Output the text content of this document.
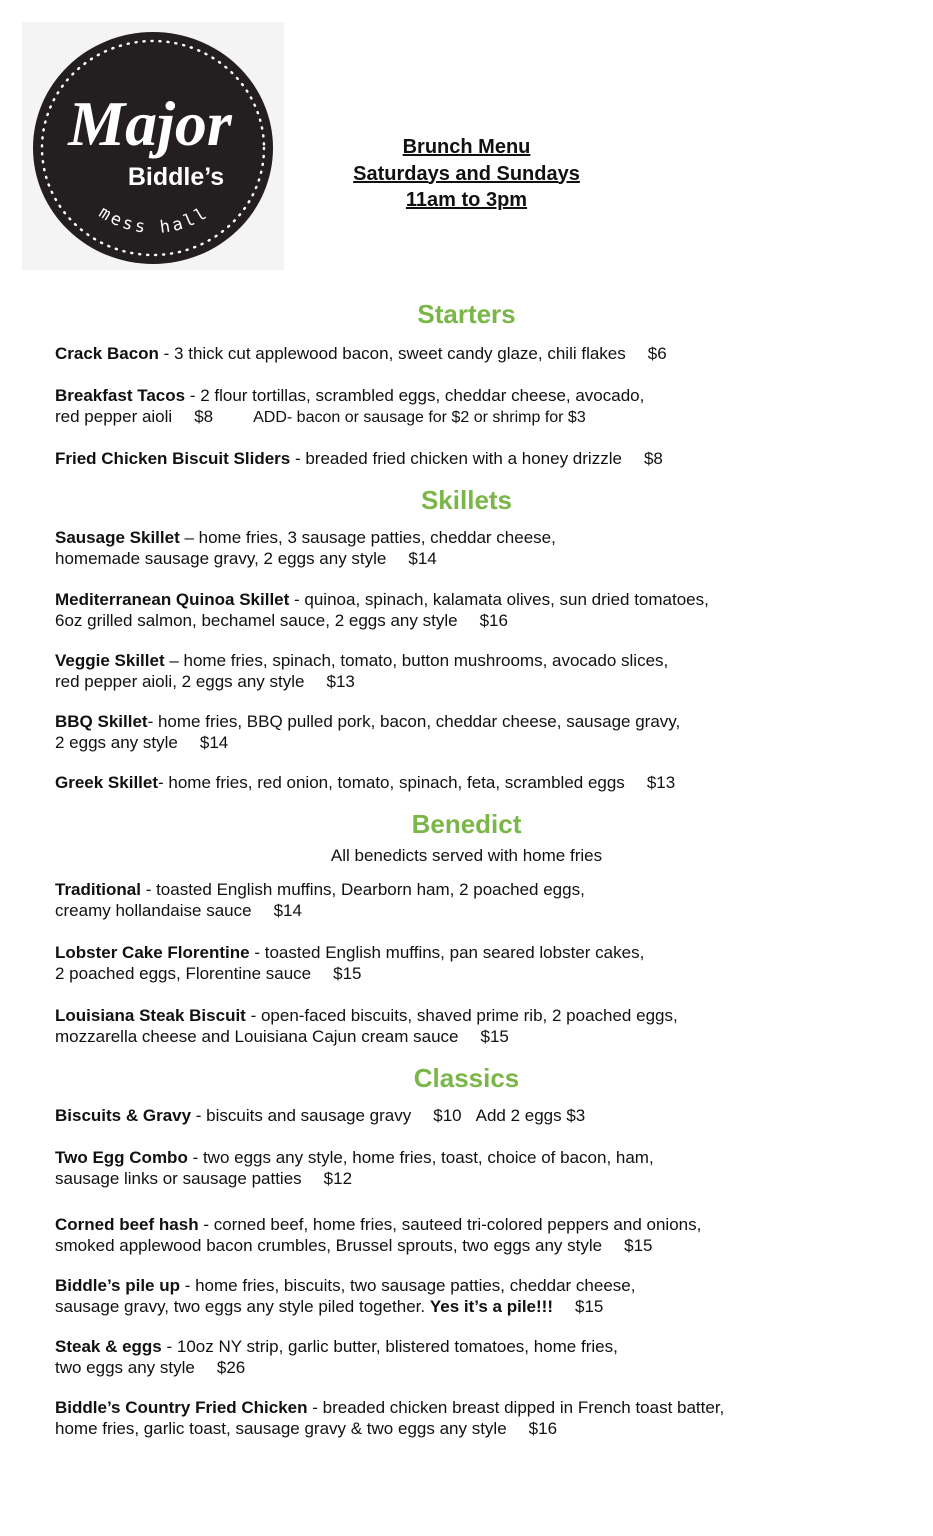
Major
Biddle’s
mess hall
Brunch Menu
Saturdays and Sundays
11am to 3pm
Starters
Crack Bacon - 3 thick cut applewood bacon, sweet candy glaze, chili flakes $6
Breakfast Tacos - 2 flour tortillas, scrambled eggs, cheddar cheese, avocado,
red pepper aioli $8	ADD- bacon or sausage for $2 or shrimp for $3
Fried Chicken Biscuit Sliders - breaded fried chicken with a honey drizzle $8
Skillets
Sausage Skillet – home fries, 3 sausage patties, cheddar cheese,
homemade sausage gravy, 2 eggs any style $14
Mediterranean Quinoa Skillet - quinoa, spinach, kalamata olives, sun dried tomatoes,
6oz grilled salmon, bechamel sauce, 2 eggs any style $16
Veggie Skillet – home fries, spinach, tomato, button mushrooms, avocado slices,
red pepper aioli, 2 eggs any style $13
BBQ Skillet- home fries, BBQ pulled pork, bacon, cheddar cheese, sausage gravy,
2 eggs any style $14
Greek Skillet- home fries, red onion, tomato, spinach, feta, scrambled eggs $13
Benedict
All benedicts served with home fries
Traditional - toasted English muffins, Dearborn ham, 2 poached eggs,
creamy hollandaise sauce $14
Lobster Cake Florentine - toasted English muffins, pan seared lobster cakes,
2 poached eggs, Florentine sauce $15
Louisiana Steak Biscuit - open-faced biscuits, shaved prime rib, 2 poached eggs,
mozzarella cheese and Louisiana Cajun cream sauce $15
Classics
Biscuits & Gravy - biscuits and sausage gravy $10 Add 2 eggs $3
Two Egg Combo - two eggs any style, home fries, toast, choice of bacon, ham,
sausage links or sausage patties $12
Corned beef hash - corned beef, home fries, sauteed tri-colored peppers and onions,
smoked applewood bacon crumbles, Brussel sprouts, two eggs any style $15
Biddle’s pile up - home fries, biscuits, two sausage patties, cheddar cheese,
sausage gravy, two eggs any style piled together. Yes it’s a pile!!! $15
Steak & eggs - 10oz NY strip, garlic butter, blistered tomatoes, home fries,
two eggs any style $26
Biddle’s Country Fried Chicken - breaded chicken breast dipped in French toast batter,
home fries, garlic toast, sausage gravy & two eggs any style $16
